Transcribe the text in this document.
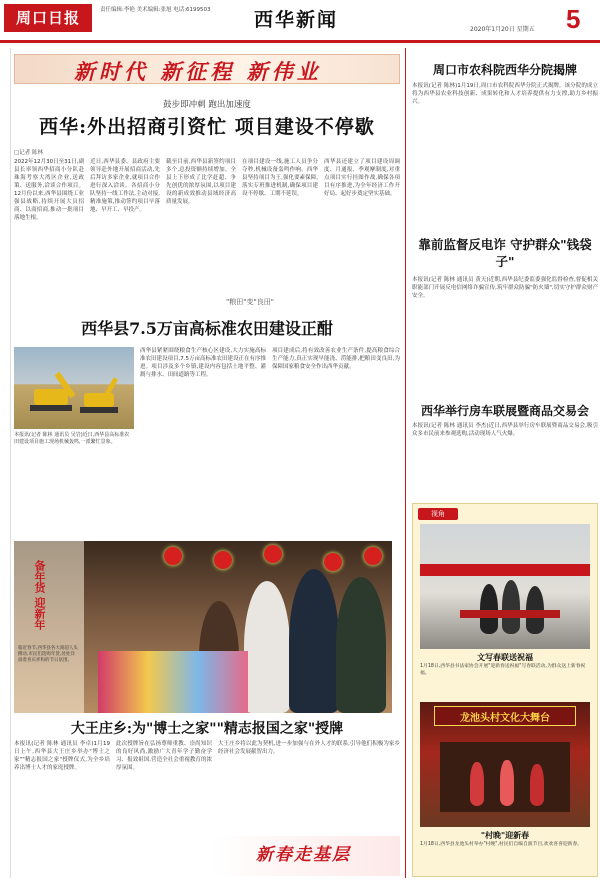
周口日报	责任编辑:李艳 美术编辑:张旭 电话:6199503 西华新闻	2020年1月20日 星期五 5
新时代 新征程 新伟业
鼓步即冲刺 跑出加速度
西华:外出招商引资忙 项目建设不停歇
□记者 陈林
2022年12月30日至31日,副县长率领西华招商小分队赴珠海考察大湾区企业,送政策、送服务,洽谈合作项目。12月份以来,西华县围绕工业强县战略,持续开展大员招商、以商招商,推动一批项目落地生根。
近日,西华县委、县政府主要领导赴外地开展招商活动,先后拜访多家企业,就项目合作进行深入洽谈。各招商小分队坚持一线工作法,主动对接,精准施策,推动签约项目早落地、早开工、早投产。
截至目前,西华县新签约项目多个,总投资额持续增加。全县上下形成了比学赶超、争先创优的浓厚氛围,以项目建设的新成效推动县域经济高质量发展。
在项目建设一线,施工人员争分夺秒,机械设备轰鸣作响。西华县坚持项目为王,强化要素保障,落实专班推进机制,确保项目建设不停歇、工期不延误。
西华县还建立了项目建设周调度、月通报、季观摩制度,对重点项目实行挂图作战,确保各项目有序推进,为全年经济工作开好局、起好步奠定坚实基础。
"粮田"变"良田"
西华县7.5万亩高标准农田建设正酣
本报讯(记者 陈林 通讯员 吴岩)近日,西华县高标准农田建设项目施工现场机械轰鸣,一派繁忙景象。
西华县紧紧围绕粮食生产核心区建设,大力实施高标准农田建设项目,7.5万亩高标准农田建设正在有序推进。项目涉及多个乡镇,建设内容包括土地平整、灌溉与排水、田间道路等工程。
项目建成后,将有效改善农业生产条件,提高粮食综合生产能力,真正实现旱能浇、涝能排,把粮田变良田,为保障国家粮食安全作出西华贡献。
备年货 迎新年
临近春节,西华县各大商超人头攒动,市民们选购年货,处处洋溢着喜庆祥和的节日氛围。
大王庄乡:为"博士之家""精志报国之家"授牌
本报讯(记者 陈林 通讯员 李卓)1月19日上午,西华县大王庄乡举办"博士之家""精志报国之家"授牌仪式,为全乡培养出博士人才的家庭授牌。
此次授牌旨在弘扬尊师重教、崇尚知识的良好风尚,激励广大青年学子勤奋学习、报效祖国,营造全社会重视教育的浓厚氛围。
大王庄乡将以此为契机,进一步加强与在外人才的联系,引导他们积极为家乡经济社会发展献智出力。
新春走基层
周口市农科院西华分院揭牌
本报讯(记者 陈林)1月19日,周口市农科院西华分院正式揭牌。该分院的成立将为西华县农业科技创新、成果转化和人才培养提供有力支撑,助力乡村振兴。
靠前监督反电诈 守护群众"钱袋子"
本报讯(记者 陈林 通讯员 黄天)近期,西华县纪委监委强化监督检查,督促相关职能部门开展反电信网络诈骗宣传,筑牢群众防骗"防火墙",切实守护群众财产安全。
西华举行房车联展暨商品交易会
本报讯(记者 陈林 通讯员 李杰)近日,西华县举行房车联展暨商品交易会,吸引众多市民前来参观选购,活动现场人气火爆。
视角
文写春联送祝福
1月18日,西华县书法家协会开展"迎新春送祝福"写春联活动,为群众送上新春祝福。
龙池头村文化大舞台
"村晚"迎新春
1月18日,西华县龙池头村举办"村晚",村民们自编自演节目,欢欢喜喜迎新春。
